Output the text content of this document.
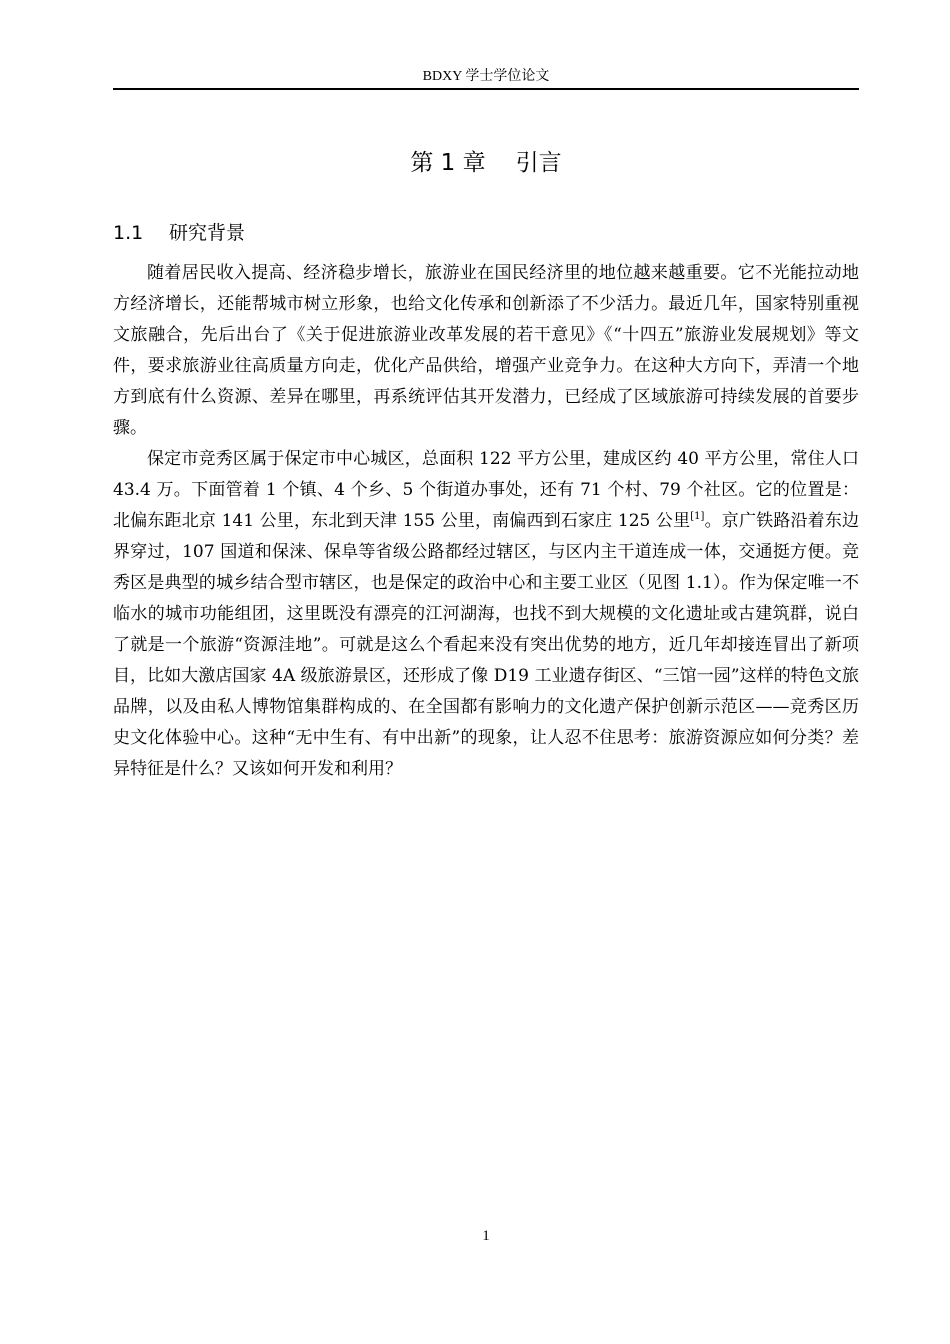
BDXY 学士学位论文
第 1 章 引言
1.1 研究背景

随着居民收入提高、经济稳步增长，旅游业在国民经济里的地位越来越重要。它不光能拉动地方经济增长，还能帮城市树立形象，也给文化传承和创新添了不少活力。最近几年，国家特别重视文旅融合，先后出台了《关于促进旅游业改革发展的若干意见》《“十四五”旅游业发展规划》等文件，要求旅游业往高质量方向走，优化产品供给，增强产业竞争力。在这种大方向下，弄清一个地方到底有什么资源、差异在哪里，再系统评估其开发潜力，已经成了区域旅游可持续发展的首要步骤。

保定市竞秀区属于保定市中心城区，总面积 122 平方公里，建成区约 40 平方公里，常住人口 43.4 万。下面管着 1 个镇、4 个乡、5 个街道办事处，还有 71 个村、79 个社区。它的位置是：北偏东距北京 141 公里，东北到天津 155 公里，南偏西到石家庄 125 公里[1]。京广铁路沿着东边界穿过，107 国道和保涞、保阜等省级公路都经过辖区，与区内主干道连成一体，交通挺方便。竞秀区是典型的城乡结合型市辖区，也是保定的政治中心和主要工业区（见图 1.1）。作为保定唯一不临水的城市功能组团，这里既没有漂亮的江河湖海，也找不到大规模的文化遗址或古建筑群，说白了就是一个旅游“资源洼地”。可就是这么个看起来没有突出优势的地方，近几年却接连冒出了新项目，比如大激店国家 4A 级旅游景区，还形成了像 D19 工业遗存街区、“三馆一园”这样的特色文旅品牌，以及由私人博物馆集群构成的、在全国都有影响力的文化遗产保护创新示范区——竞秀区历史文化体验中心。这种“无中生有、有中出新”的现象，让人忍不住思考：旅游资源应如何分类？差异特征是什么？又该如何开发和利用？

1
